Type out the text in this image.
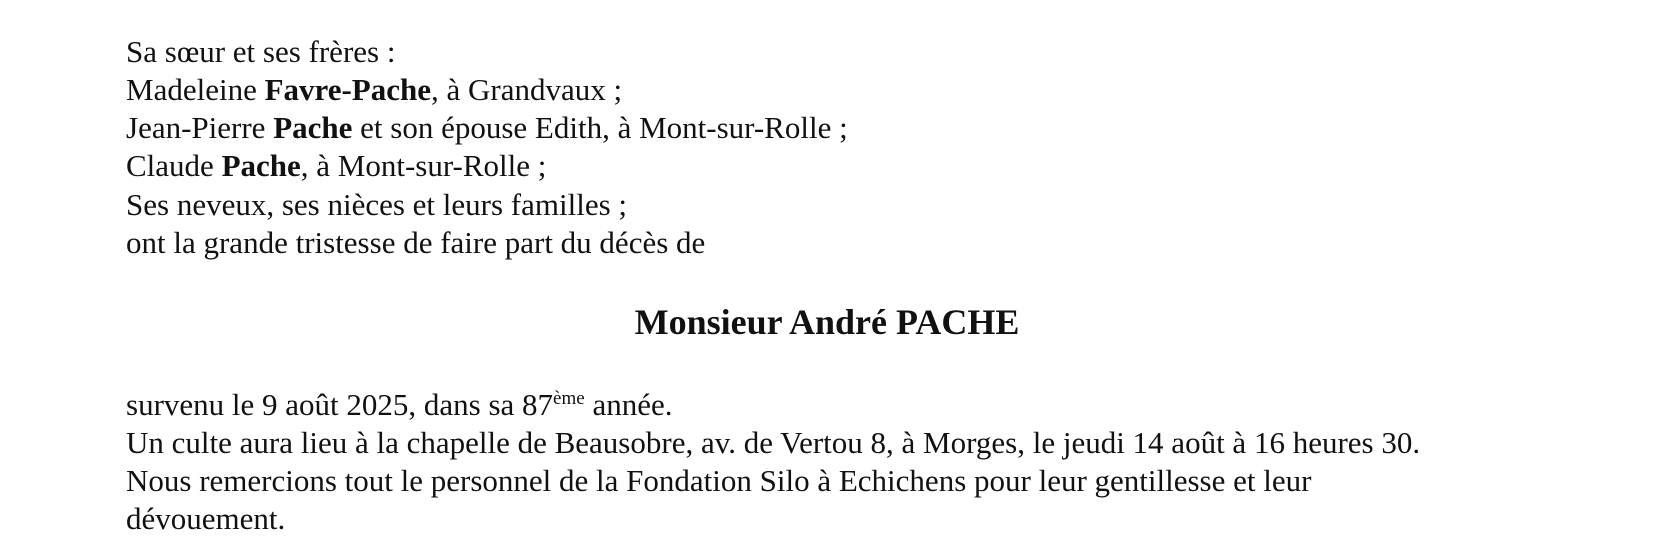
Sa sœur et ses frères :
Madeleine Favre-Pache, à Grandvaux ;
Jean-Pierre Pache et son épouse Edith, à Mont-sur-Rolle ;
Claude Pache, à Mont-sur-Rolle ;
Ses neveux, ses nièces et leurs familles ;
ont la grande tristesse de faire part du décès de
Monsieur André PACHE
survenu le 9 août 2025, dans sa 87ème année.
Un culte aura lieu à la chapelle de Beausobre, av. de Vertou 8, à Morges, le jeudi 14 août à 16 heures 30.
Nous remercions tout le personnel de la Fondation Silo à Echichens pour leur gentillesse et leur
dévouement.
